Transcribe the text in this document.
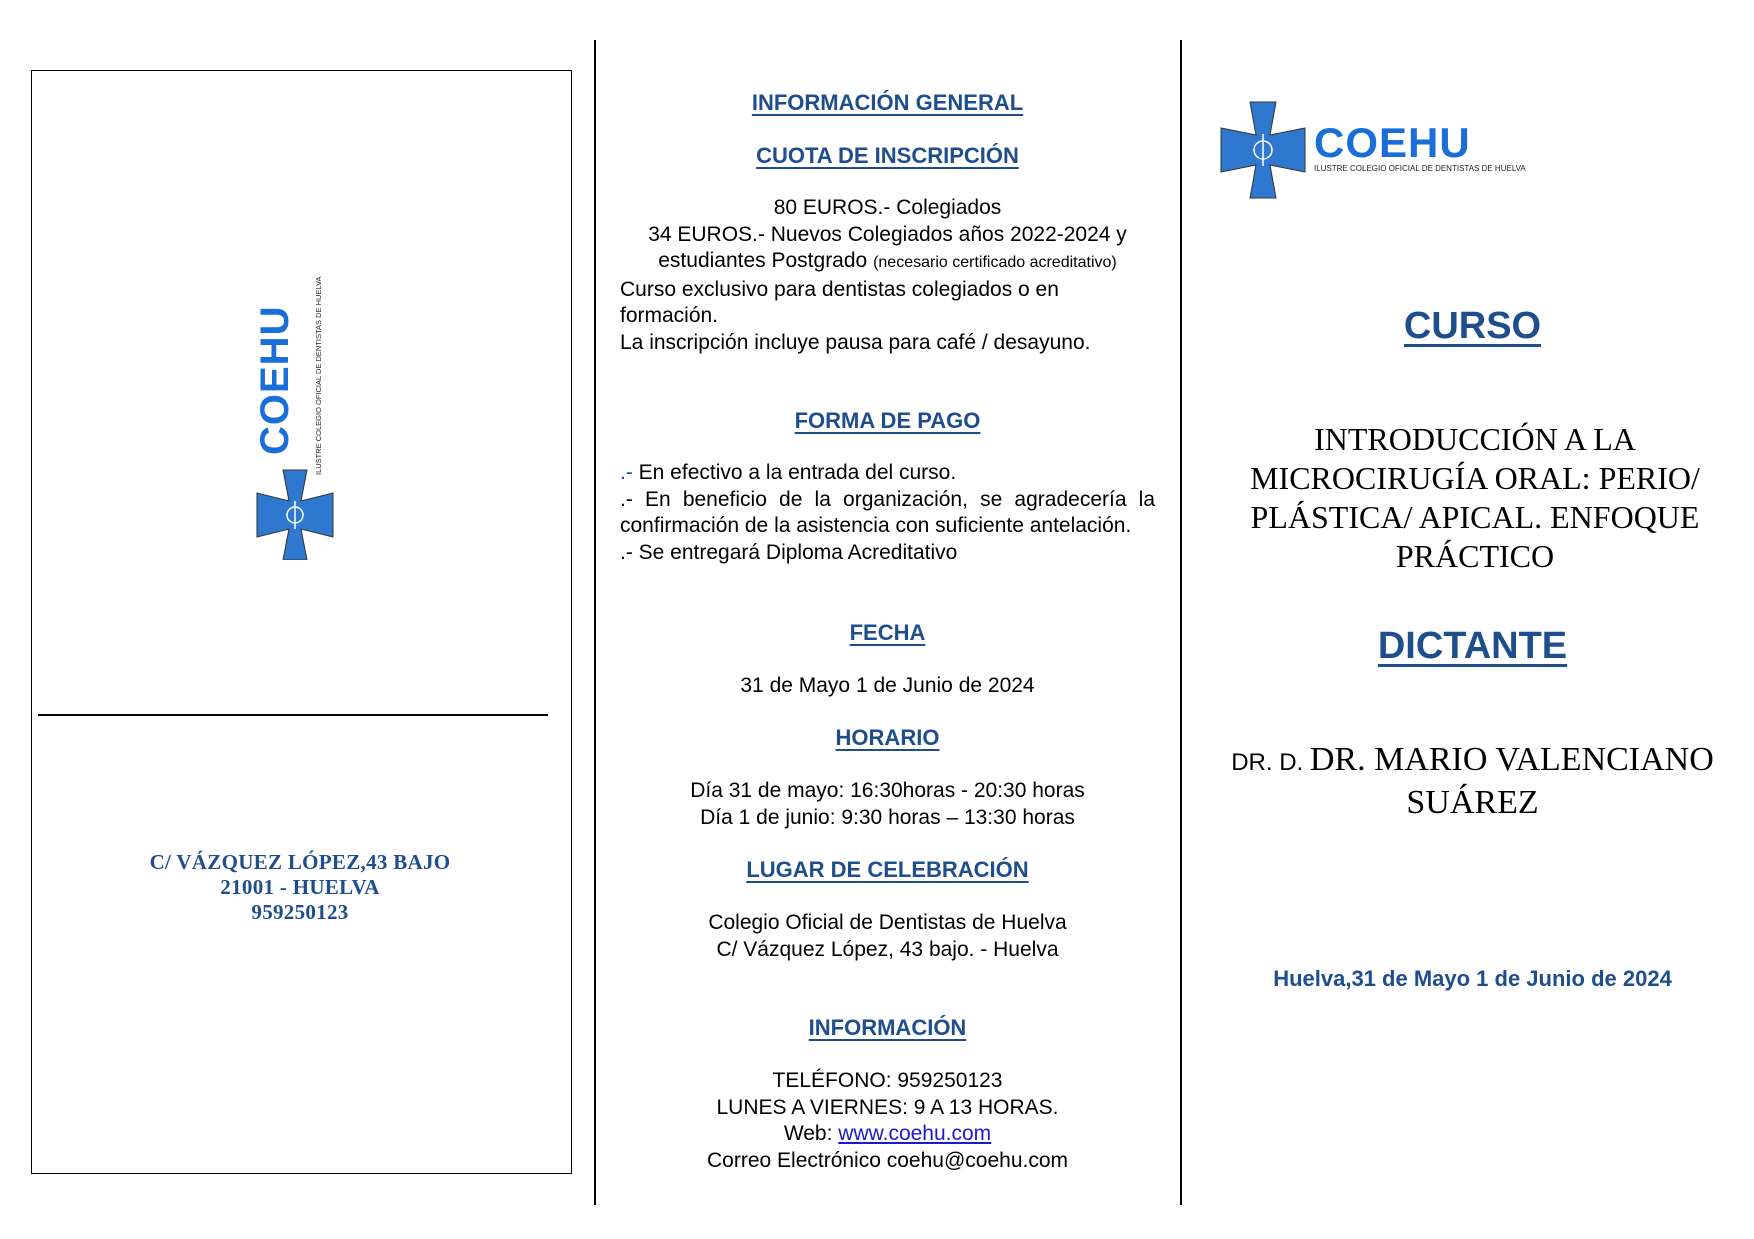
COEHU ILUSTRE COLEGIO OFICIAL DE DENTISTAS DE HUELVA
C/ VÁZQUEZ LÓPEZ,43 BAJO
21001 - HUELVA
959250123
INFORMACIÓN GENERAL
CUOTA DE INSCRIPCIÓN
80 EUROS.- Colegiados
34 EUROS.- Nuevos Colegiados años 2022-2024 y
estudiantes Postgrado (necesario certificado acreditativo)
Curso exclusivo para dentistas colegiados o en formación.
La inscripción incluye pausa para café / desayuno.
FORMA DE PAGO
.- En efectivo a la entrada del curso.
.- En beneficio de la organización, se agradecería la confirmación de la asistencia con suficiente antelación.
.- Se entregará Diploma Acreditativo
FECHA
31 de Mayo 1 de Junio de 2024
HORARIO
Día 31 de mayo: 16:30horas - 20:30 horas
Día 1 de junio: 9:30 horas – 13:30 horas
LUGAR DE CELEBRACIÓN
Colegio Oficial de Dentistas de Huelva
C/ Vázquez López, 43 bajo. - Huelva
INFORMACIÓN
TELÉFONO: 959250123
LUNES A VIERNES: 9 A 13 HORAS.
Web: www.coehu.com
Correo Electrónico coehu@coehu.com
COEHU
ILUSTRE COLEGIO OFICIAL DE DENTISTAS DE HUELVA
CURSO
INTRODUCCIÓN A LA MICROCIRUGÍA ORAL: PERIO/ PLÁSTICA/ APICAL. ENFOQUE PRÁCTICO
DICTANTE
DR. D. DR. MARIO VALENCIANO SUÁREZ
Huelva,31 de Mayo 1 de Junio de 2024
